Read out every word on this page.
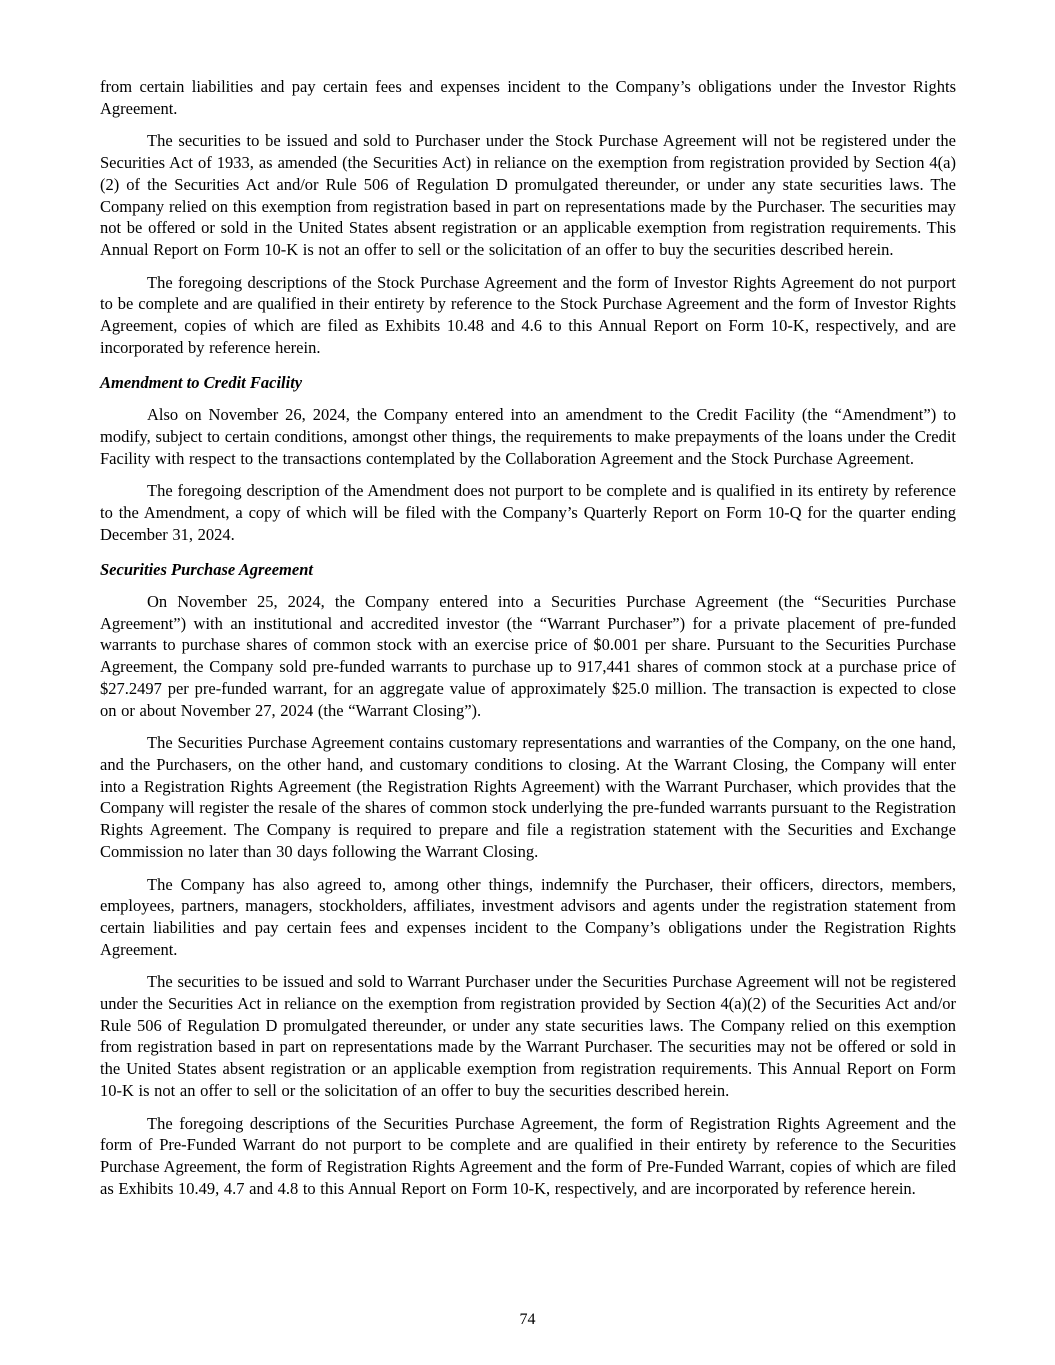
from certain liabilities and pay certain fees and expenses incident to the Company’s obligations under the Investor Rights Agreement.

The securities to be issued and sold to Purchaser under the Stock Purchase Agreement will not be registered under the Securities Act of 1933, as amended (the Securities Act) in reliance on the exemption from registration provided by Section 4(a)(2) of the Securities Act and/or Rule 506 of Regulation D promulgated thereunder, or under any state securities laws. The Company relied on this exemption from registration based in part on representations made by the Purchaser. The securities may not be offered or sold in the United States absent registration or an applicable exemption from registration requirements. This Annual Report on Form 10-K is not an offer to sell or the solicitation of an offer to buy the securities described herein.

The foregoing descriptions of the Stock Purchase Agreement and the form of Investor Rights Agreement do not purport to be complete and are qualified in their entirety by reference to the Stock Purchase Agreement and the form of Investor Rights Agreement, copies of which are filed as Exhibits 10.48 and 4.6 to this Annual Report on Form 10-K, respectively, and are incorporated by reference herein.

Amendment to Credit Facility

Also on November 26, 2024, the Company entered into an amendment to the Credit Facility (the “Amendment”) to modify, subject to certain conditions, amongst other things, the requirements to make prepayments of the loans under the Credit Facility with respect to the transactions contemplated by the Collaboration Agreement and the Stock Purchase Agreement.

The foregoing description of the Amendment does not purport to be complete and is qualified in its entirety by reference to the Amendment, a copy of which will be filed with the Company’s Quarterly Report on Form 10-Q for the quarter ending December 31, 2024.

Securities Purchase Agreement

On November 25, 2024, the Company entered into a Securities Purchase Agreement (the “Securities Purchase Agreement”) with an institutional and accredited investor (the “Warrant Purchaser”) for a private placement of pre-funded warrants to purchase shares of common stock with an exercise price of $0.001 per share. Pursuant to the Securities Purchase Agreement, the Company sold pre-funded warrants to purchase up to 917,441 shares of common stock at a purchase price of $27.2497 per pre-funded warrant, for an aggregate value of approximately $25.0 million. The transaction is expected to close on or about November 27, 2024 (the “Warrant Closing”).

The Securities Purchase Agreement contains customary representations and warranties of the Company, on the one hand, and the Purchasers, on the other hand, and customary conditions to closing. At the Warrant Closing, the Company will enter into a Registration Rights Agreement (the Registration Rights Agreement) with the Warrant Purchaser, which provides that the Company will register the resale of the shares of common stock underlying the pre-funded warrants pursuant to the Registration Rights Agreement. The Company is required to prepare and file a registration statement with the Securities and Exchange Commission no later than 30 days following the Warrant Closing.

The Company has also agreed to, among other things, indemnify the Purchaser, their officers, directors, members, employees, partners, managers, stockholders, affiliates, investment advisors and agents under the registration statement from certain liabilities and pay certain fees and expenses incident to the Company’s obligations under the Registration Rights Agreement.

The securities to be issued and sold to Warrant Purchaser under the Securities Purchase Agreement will not be registered under the Securities Act in reliance on the exemption from registration provided by Section 4(a)(2) of the Securities Act and/or Rule 506 of Regulation D promulgated thereunder, or under any state securities laws. The Company relied on this exemption from registration based in part on representations made by the Warrant Purchaser. The securities may not be offered or sold in the United States absent registration or an applicable exemption from registration requirements. This Annual Report on Form 10-K is not an offer to sell or the solicitation of an offer to buy the securities described herein.

The foregoing descriptions of the Securities Purchase Agreement, the form of Registration Rights Agreement and the form of Pre-Funded Warrant do not purport to be complete and are qualified in their entirety by reference to the Securities Purchase Agreement, the form of Registration Rights Agreement and the form of Pre-Funded Warrant, copies of which are filed as Exhibits 10.49, 4.7 and 4.8 to this Annual Report on Form 10-K, respectively, and are incorporated by reference herein.

74
